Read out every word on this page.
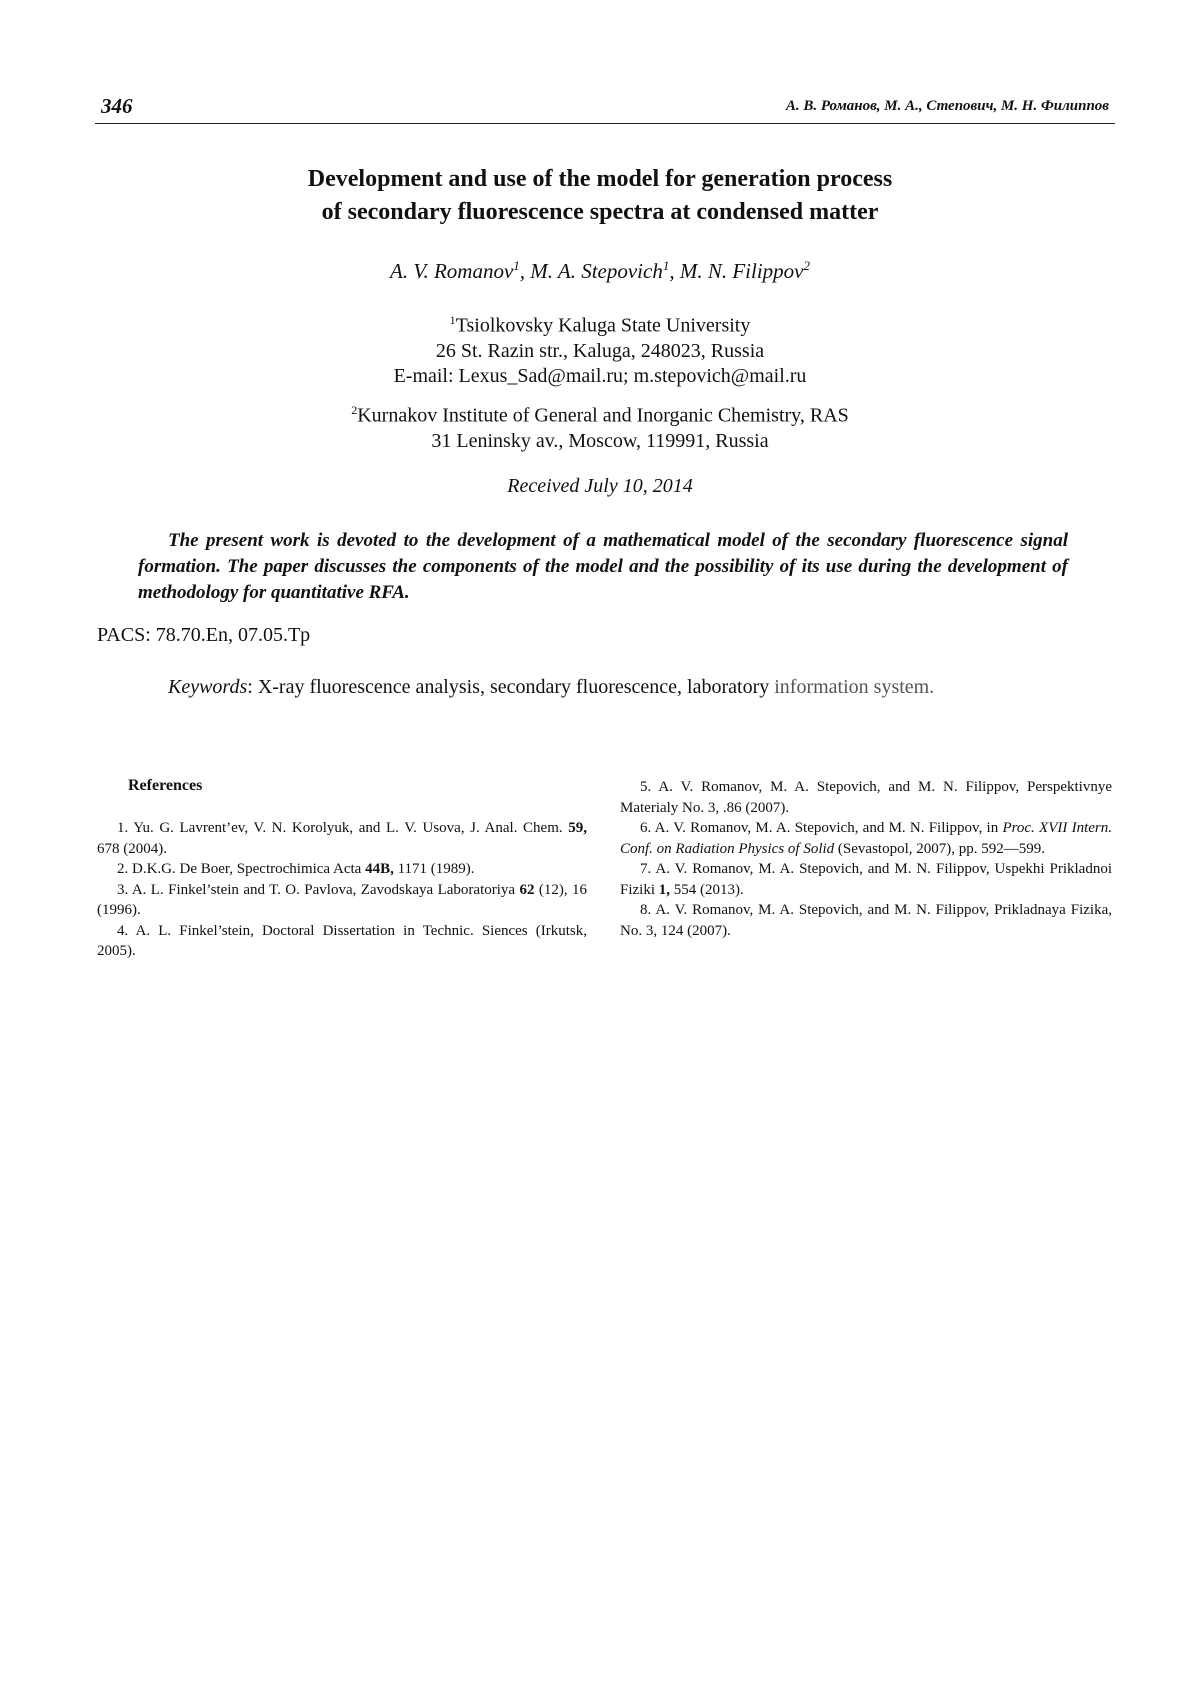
346	А. В. Романов, М. А., Степович, М. Н. Филиппов
Development and use of the model for generation process
of secondary fluorescence spectra at condensed matter
A. V. Romanov$^1$, M. A. Stepovich$^1$, M. N. Filippov$^2$
$^1$Tsiolkovsky Kaluga State University
26 St. Razin str., Kaluga, 248023, Russia
E-mail: Lexus_Sad@mail.ru; m.stepovich@mail.ru
$^2$Kurnakov Institute of General and Inorganic Chemistry, RAS
31 Leninsky av., Moscow, 119991, Russia
Received July 10, 2014

The present work is devoted to the development of a mathematical model of the secondary fluorescence signal formation. The paper discusses the components of the model and the possibility of its use during the development of methodology for quantitative RFA.

PACS: 78.70.En, 07.05.Tp
Keywords: X-ray fluorescence analysis, secondary fluorescence, laboratory information system.
References

1. Yu. G. Lavrent’ev, V. N. Korolyuk, and L. V. Usova, J. Anal. Chem. 59, 678 (2004).

2. D.K.G. De Boer, Spectrochimica Acta 44B, 1171 (1989).

3. A. L. Finkel’stein and T. O. Pavlova, Zavodskaya Laboratoriya 62 (12), 16 (1996).

4. A. L. Finkel’stein, Doctoral Dissertation in Technic. Siences (Irkutsk, 2005).

5. A. V. Romanov, M. A. Stepovich, and M. N. Filippov, Perspektivnye Materialy No. 3, .86 (2007).

6. A. V. Romanov, M. A. Stepovich, and M. N. Filippov, in Proc. XVII Intern. Conf. on Radiation Physics of Solid (Sevastopol, 2007), pp. 592—599.

7. A. V. Romanov, M. A. Stepovich, and M. N. Filippov, Uspekhi Prikladnoi Fiziki 1, 554 (2013).

8. A. V. Romanov, M. A. Stepovich, and M. N. Filippov, Prikladnaya Fizika, No. 3, 124 (2007).
